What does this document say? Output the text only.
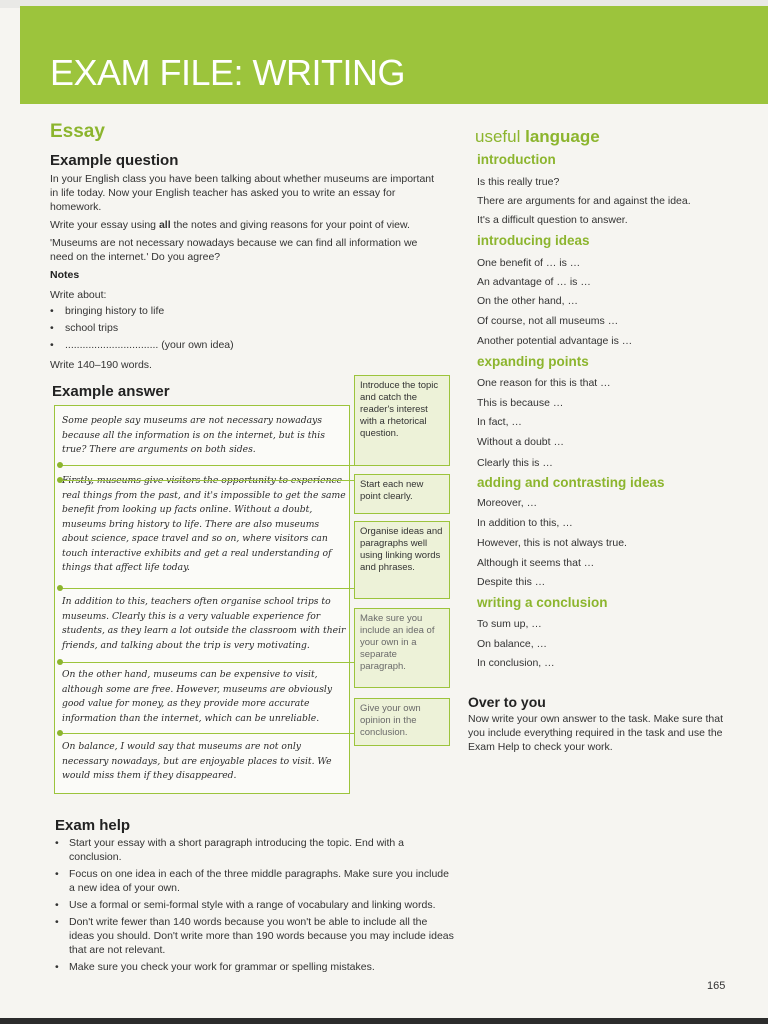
EXAM FILE: WRITING
Essay
Example question
In your English class you have been talking about whether museums are important in life today. Now your English teacher has asked you to write an essay for homework.
Write your essay using all the notes and giving reasons for your point of view.
'Museums are not necessary nowadays because we can find all information we need on the internet.' Do you agree?
Notes
Write about:
• bringing history to life
• school trips
• ................................ (your own idea)
Write 140–190 words.
Example answer
Some people say museums are not necessary nowadays because all the information is on the internet, but is this true? There are arguments on both sides.
real things from the past, and it's impossible to get the same benefit from looking up facts online. Without a doubt, museums bring history to life. There are also museums about science, space travel and so on, where visitors can touch interactive exhibits and get a real understanding of things that affect life today.
In addition to this, teachers often organise school trips to museums. Clearly this is a very valuable experience for students, as they learn a lot outside the classroom with their friends, and talking about the trip is very motivating.
On the other hand, museums can be expensive to visit, although some are free. However, museums are obviously good value for money, as they provide more accurate information than the internet, which can be unreliable.
On balance, I would say that museums are not only necessary nowadays, but are enjoyable places to visit. We would miss them if they disappeared.
Introduce the topic and catch the reader's interest with a rhetorical question.
Start each new point clearly.
Organise ideas and paragraphs well using linking words and phrases.
Make sure you include an idea of your own in a separate paragraph.
Give your own opinion in the conclusion.
useful language
introduction
Is this really true?
There are arguments for and against the idea.
It's a difficult question to answer.
introducing ideas
One benefit of … is …
An advantage of … is …
On the other hand, …
Of course, not all museums …
Another potential advantage is …
expanding points
One reason for this is that …
This is because …
In fact, …
Without a doubt …
Clearly this is …
adding and contrasting ideas
Moreover, …
In addition to this, …
However, this is not always true.
Although it seems that …
Despite this …
writing a conclusion
To sum up, …
On balance, …
In conclusion, …
Over to you
Now write your own answer to the task. Make sure that you include everything required in the task and use the Exam Help to check your work.
Exam help
• Start your essay with a short paragraph introducing the topic. End with a conclusion.
• Focus on one idea in each of the three middle paragraphs. Make sure you include a new idea of your own.
• Use a formal or semi-formal style with a range of vocabulary and linking words.
• Don't write fewer than 140 words because you won't be able to include all the ideas you should. Don't write more than 190 words because you may include ideas that are not relevant.
• Make sure you check your work for grammar or spelling mistakes.
165
